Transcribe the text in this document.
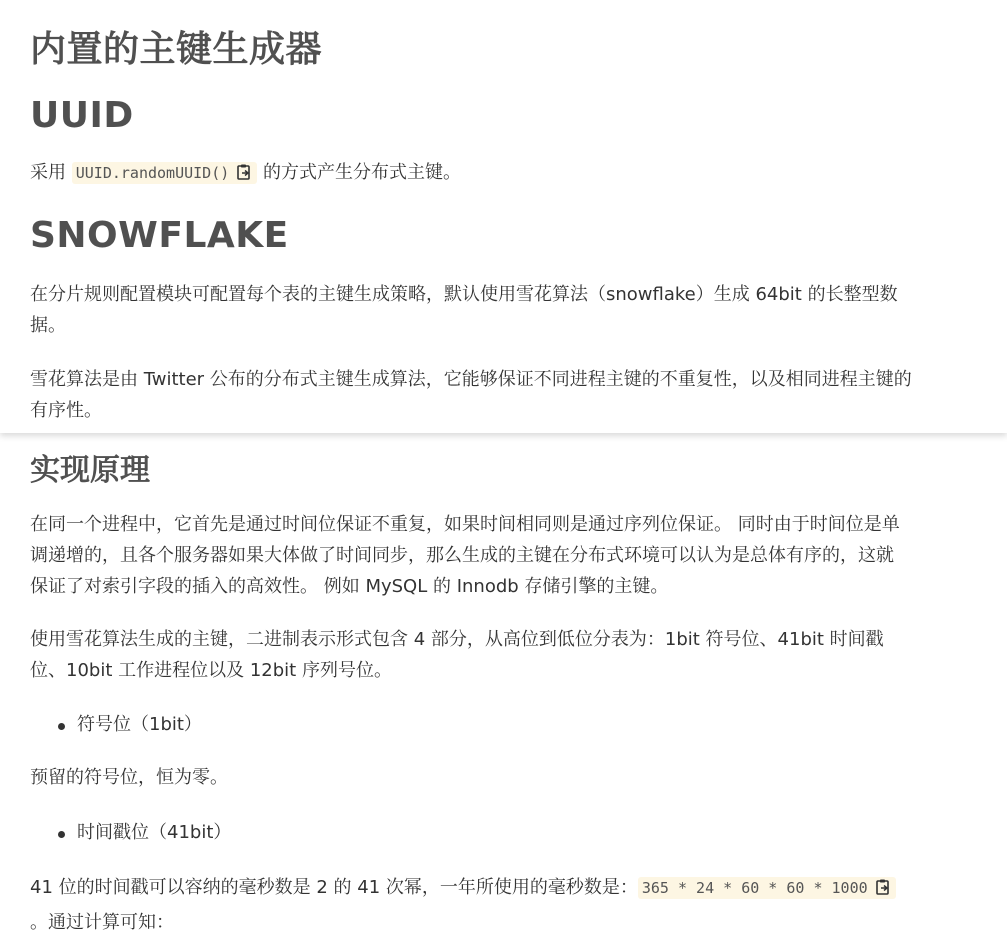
内置的主键生成器
UUID

采用 UUID.randomUUID() 的方式产生分布式主键。

SNOWFLAKE

在分片规则配置模块可配置每个表的主键生成策略，默认使用雪花算法（snowflake）生成 64bit 的长整型数
据。

雪花算法是由 Twitter 公布的分布式主键生成算法，它能够保证不同进程主键的不重复性，以及相同进程主键的
有序性。

实现原理

在同一个进程中，它首先是通过时间位保证不重复，如果时间相同则是通过序列位保证。 同时由于时间位是单
调递增的，且各个服务器如果大体做了时间同步，那么生成的主键在分布式环境可以认为是总体有序的，这就
保证了对索引字段的插入的高效性。 例如 MySQL 的 Innodb 存储引擎的主键。

使用雪花算法生成的主键，二进制表示形式包含 4 部分，从高位到低位分表为：1bit 符号位、41bit 时间戳
位、10bit 工作进程位以及 12bit 序列号位。

符号位（1bit）

预留的符号位，恒为零。

时间戳位（41bit）

41 位的时间戳可以容纳的毫秒数是 2 的 41 次幂，一年所使用的毫秒数是： 365 * 24 * 60 * 60 * 1000
。通过计算可知：
